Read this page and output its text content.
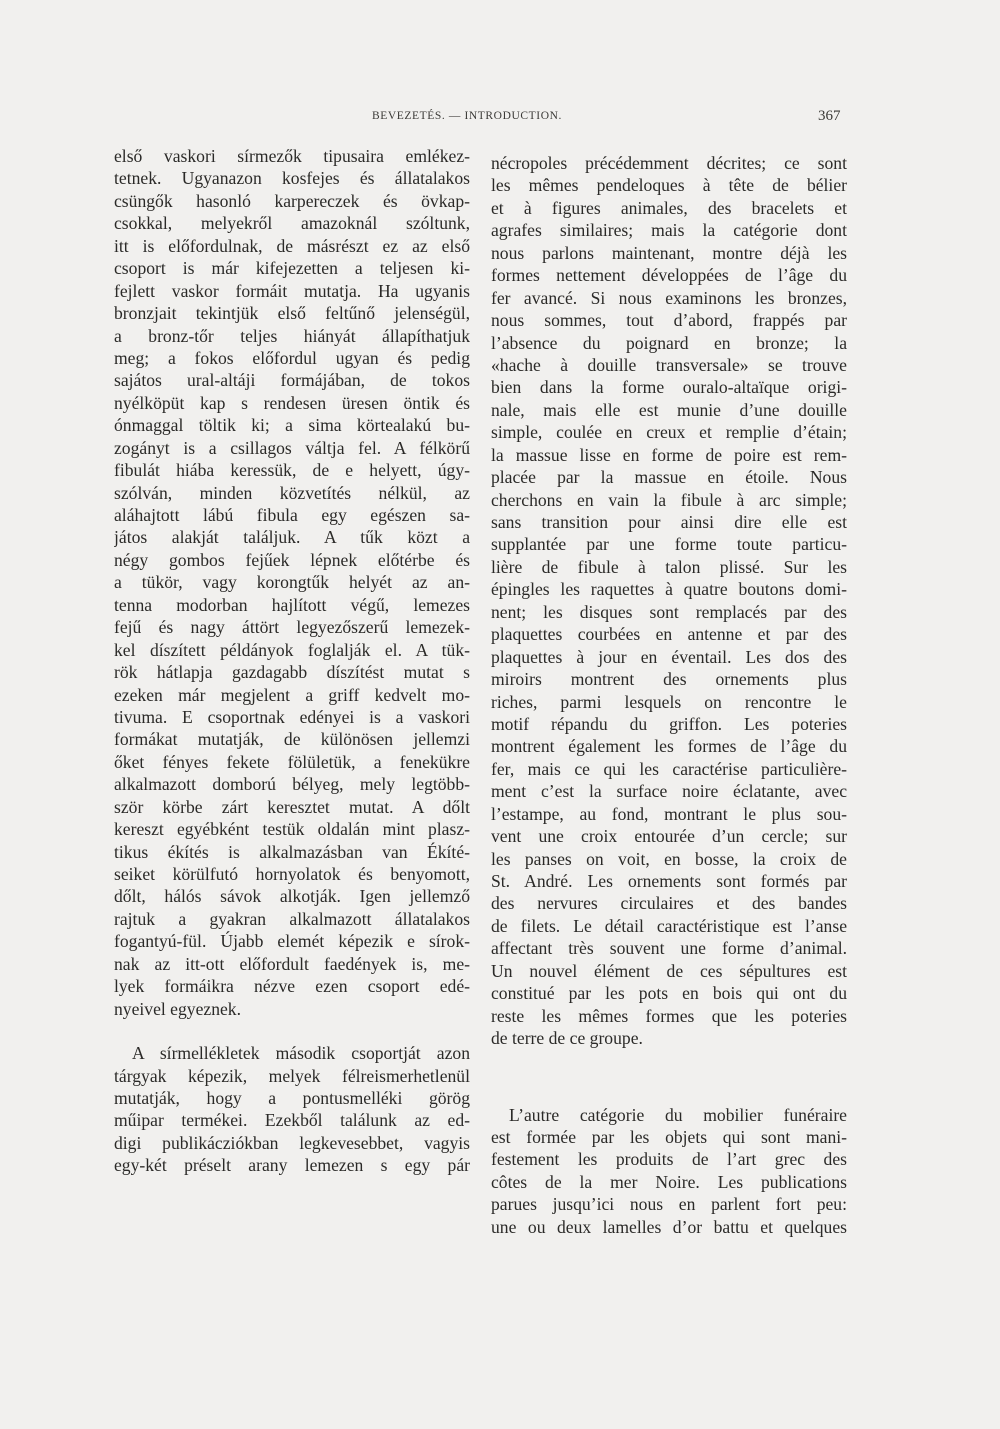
BEVEZETÉS. — INTRODUCTION.	367

első vaskori sírmezők tipusaira emlékez-
tetnek. Ugyanazon kosfejes és állatalakos
csüngők hasonló karpereczek és övkap-
csokkal, melyekről amazoknál szóltunk,
itt is előfordulnak, de másrészt ez az első
csoport is már kifejezetten a teljesen ki-
fejlett vaskor formáit mutatja. Ha ugyanis
bronzjait tekintjük első feltűnő jelenségül,
a bronz-tőr teljes hiányát állapíthatjuk
meg; a fokos előfordul ugyan és pedig
sajátos ural-altáji formájában, de tokos
nyélköpüt kap s rendesen üresen öntik és
ónmaggal töltik ki; a sima körtealakú bu-
zogányt is a csillagos váltja fel. A félkörű
fibulát hiába keressük, de e helyett, úgy-
szólván, minden közvetítés nélkül, az
aláhajtott lábú fibula egy egészen sa-
játos alakját találjuk. A tűk közt a
négy gombos fejűek lépnek előtérbe és
a tükör, vagy korongtűk helyét az an-
tenna modorban hajlított végű, lemezes
fejű és nagy áttört legyezőszerű lemezek-
kel díszített példányok foglalják el. A tük-
rök hátlapja gazdagabb díszítést mutat s
ezeken már megjelent a griff kedvelt mo-
tivuma. E csoportnak edényei is a vaskori
formákat mutatják, de különösen jellemzi
őket fényes fekete fölületük, a fenekükre
alkalmazott domború bélyeg, mely legtöbb-
ször körbe zárt keresztet mutat. A dőlt
kereszt egyébként testük oldalán mint plasz-
tikus ékítés is alkalmazásban van Ékíté-
seiket körülfutó hornyolatok és benyomott,
dőlt, hálós sávok alkotják. Igen jellemző
rajtuk a gyakran alkalmazott állatalakos
fogantyú-fül. Újabb elemét képezik e sírok-
nak az itt-ott előfordult faedények is, me-
lyek formáikra nézve ezen csoport edé-
nyeivel egyeznek.

A sírmellékletek második csoportját azon
tárgyak képezik, melyek félreismerhetlenül
mutatják, hogy a pontusmelléki görög
műipar termékei. Ezekből találunk az ed-
digi publikácziókban legkevesebbet, vagyis
egy-két préselt arany lemezen s egy pár

nécropoles précédemment décrites; ce sont
les mêmes pendeloques à tête de bélier
et à figures animales, des bracelets et
agrafes similaires; mais la catégorie dont
nous parlons maintenant, montre déjà les
formes nettement développées de l’âge du
fer avancé. Si nous examinons les bronzes,
nous sommes, tout d’abord, frappés par
l’absence du poignard en bronze; la
«hache à douille transversale» se trouve
bien dans la forme ouralo-altaïque origi-
nale, mais elle est munie d’une douille
simple, coulée en creux et remplie d’étain;
la massue lisse en forme de poire est rem-
placée par la massue en étoile. Nous
cherchons en vain la fibule à arc simple;
sans transition pour ainsi dire elle est
supplantée par une forme toute particu-
lière de fibule à talon plissé. Sur les
épingles les raquettes à quatre boutons domi-
nent; les disques sont remplacés par des
plaquettes courbées en antenne et par des
plaquettes à jour en éventail. Les dos des
miroirs montrent des ornements plus
riches, parmi lesquels on rencontre le
motif répandu du griffon. Les poteries
montrent également les formes de l’âge du
fer, mais ce qui les caractérise particulière-
ment c’est la surface noire éclatante, avec
l’estampe, au fond, montrant le plus sou-
vent une croix entourée d’un cercle; sur
les panses on voit, en bosse, la croix de
St. André. Les ornements sont formés par
des nervures circulaires et des bandes
de filets. Le détail caractéristique est l’anse
affectant très souvent une forme d’animal.
Un nouvel élément de ces sépultures est
constitué par les pots en bois qui ont du
reste les mêmes formes que les poteries
de terre de ce groupe.

L’autre catégorie du mobilier funéraire
est formée par les objets qui sont mani-
festement les produits de l’art grec des
côtes de la mer Noire. Les publications
parues jusqu’ici nous en parlent fort peu:
une ou deux lamelles d’or battu et quelques
